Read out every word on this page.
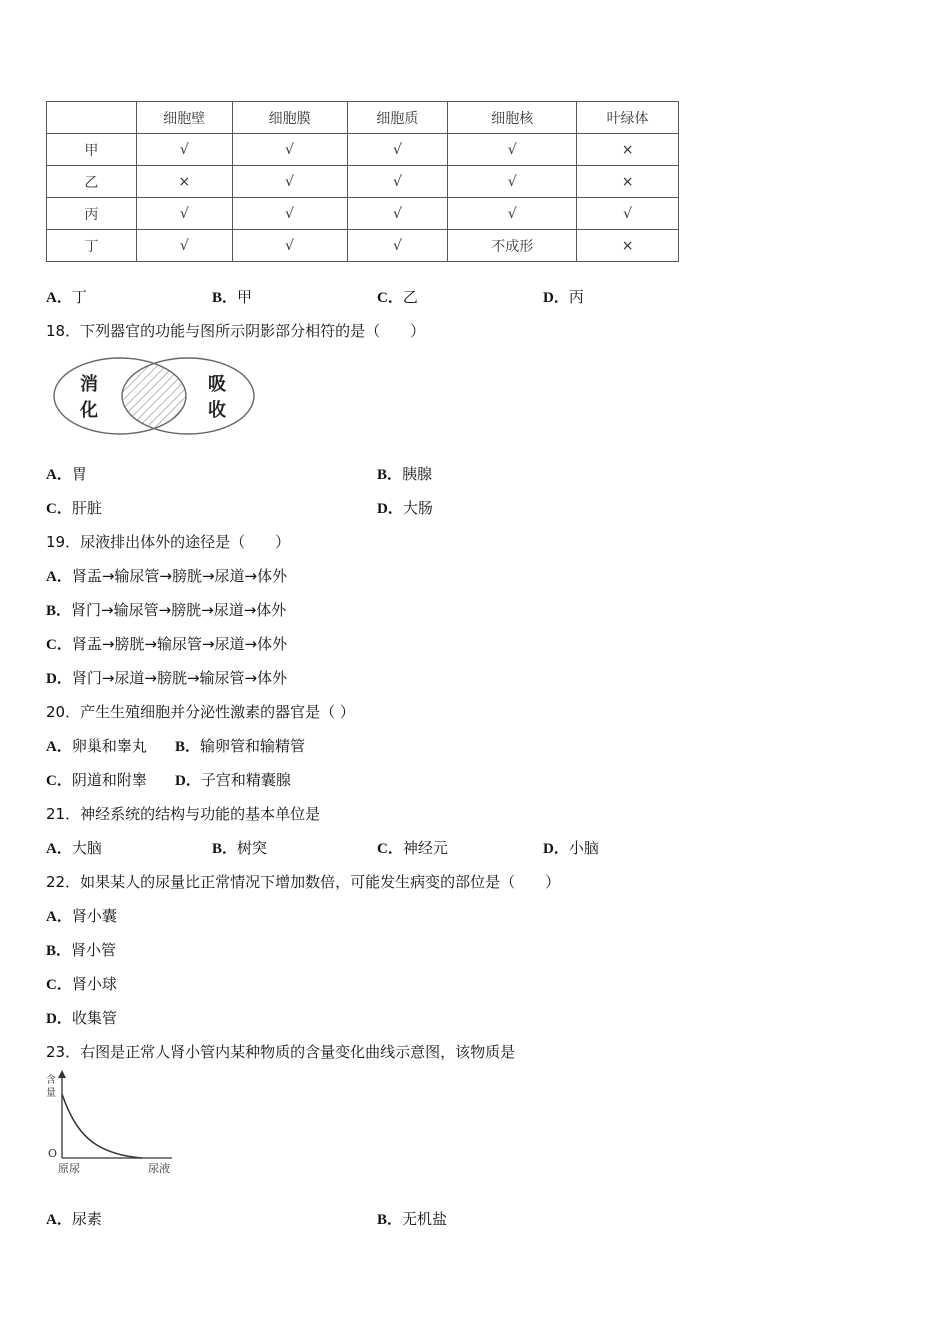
	细胞壁	细胞膜	细胞质	细胞核	叶绿体
甲	√	√	√	√	×
乙	×	√	√	√	×
丙	√	√	√	√	√
丁	√	√	√	不成形	×
A．丁	B．甲	C．乙	D．丙
18．下列器官的功能与图所示阴影部分相符的是（　　）
消
化
吸
收
A．胃	B．胰腺
C．肝脏	D．大肠
19．尿液排出体外的途径是（　　）
A．肾盂→输尿管→膀胱→尿道→体外
B．肾门→输尿管→膀胱→尿道→体外
C．肾盂→膀胱→输尿管→尿道→体外
D．肾门→尿道→膀胱→输尿管→体外
20．产生生殖细胞并分泌性激素的器官是（ ）
A．卵巢和睾丸 B．输卵管和输精管
C．阴道和附睾 D．子宫和精囊腺
21．神经系统的结构与功能的基本单位是
A．大脑	B．树突	C．神经元	D．小脑
22．如果某人的尿量比正常情况下增加数倍，可能发生病变的部位是（　　）
A．肾小囊
B．肾小管
C．肾小球
D．收集管
23．右图是正常人肾小管内某种物质的含量变化曲线示意图，该物质是
含
量
O
原尿	尿液
A．尿素	B．无机盐
